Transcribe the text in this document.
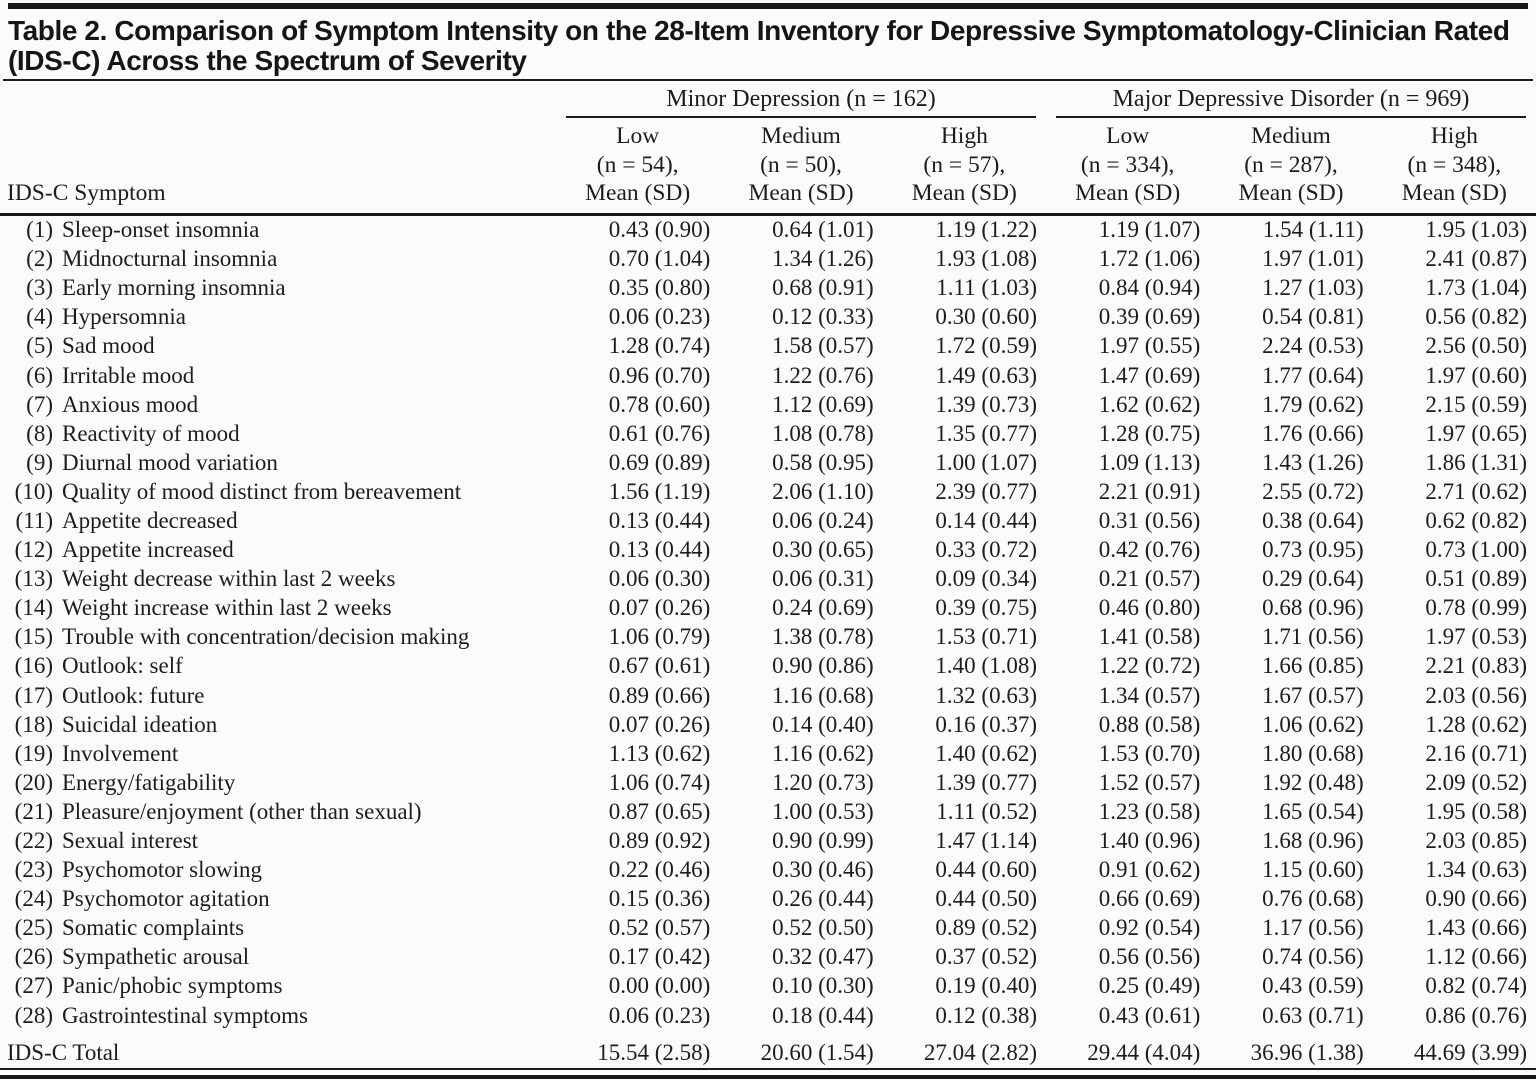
Table 2. Comparison of Symptom Intensity on the 28-Item Inventory for Depressive Symptomatology-Clinician Rated
(IDS-C) Across the Spectrum of Severity

	Minor Depression (n = 162)			Major Depressive Disorder (n = 969)		

IDS-C Symptom	
Low
(n = 54),
Mean (SD)

Medium
(n = 50),
Mean (SD)

High
(n = 57),
Mean (SD)

Low
(n = 334),
Mean (SD)

Medium
(n = 287),
Mean (SD)

High
(n = 348),
Mean (SD)

(1) Sleep-onset insomnia	0.43 (0.90)	0.64 (1.01)	1.19 (1.22)	1.19 (1.07)	1.54 (1.11)	1.95 (1.03)
(2) Midnocturnal insomnia	0.70 (1.04)	1.34 (1.26)	1.93 (1.08)	1.72 (1.06)	1.97 (1.01)	2.41 (0.87)
(3) Early morning insomnia	0.35 (0.80)	0.68 (0.91)	1.11 (1.03)	0.84 (0.94)	1.27 (1.03)	1.73 (1.04)
(4) Hypersomnia	0.06 (0.23)	0.12 (0.33)	0.30 (0.60)	0.39 (0.69)	0.54 (0.81)	0.56 (0.82)
(5) Sad mood	1.28 (0.74)	1.58 (0.57)	1.72 (0.59)	1.97 (0.55)	2.24 (0.53)	2.56 (0.50)
(6) Irritable mood	0.96 (0.70)	1.22 (0.76)	1.49 (0.63)	1.47 (0.69)	1.77 (0.64)	1.97 (0.60)
(7) Anxious mood	0.78 (0.60)	1.12 (0.69)	1.39 (0.73)	1.62 (0.62)	1.79 (0.62)	2.15 (0.59)
(8) Reactivity of mood	0.61 (0.76)	1.08 (0.78)	1.35 (0.77)	1.28 (0.75)	1.76 (0.66)	1.97 (0.65)
(9) Diurnal mood variation	0.69 (0.89)	0.58 (0.95)	1.00 (1.07)	1.09 (1.13)	1.43 (1.26)	1.86 (1.31)
(10) Quality of mood distinct from bereavement	1.56 (1.19)	2.06 (1.10)	2.39 (0.77)	2.21 (0.91)	2.55 (0.72)	2.71 (0.62)
(11) Appetite decreased	0.13 (0.44)	0.06 (0.24)	0.14 (0.44)	0.31 (0.56)	0.38 (0.64)	0.62 (0.82)
(12) Appetite increased	0.13 (0.44)	0.30 (0.65)	0.33 (0.72)	0.42 (0.76)	0.73 (0.95)	0.73 (1.00)
(13) Weight decrease within last 2 weeks	0.06 (0.30)	0.06 (0.31)	0.09 (0.34)	0.21 (0.57)	0.29 (0.64)	0.51 (0.89)
(14) Weight increase within last 2 weeks	0.07 (0.26)	0.24 (0.69)	0.39 (0.75)	0.46 (0.80)	0.68 (0.96)	0.78 (0.99)
(15) Trouble with concentration/decision making	1.06 (0.79)	1.38 (0.78)	1.53 (0.71)	1.41 (0.58)	1.71 (0.56)	1.97 (0.53)
(16) Outlook: self	0.67 (0.61)	0.90 (0.86)	1.40 (1.08)	1.22 (0.72)	1.66 (0.85)	2.21 (0.83)
(17) Outlook: future	0.89 (0.66)	1.16 (0.68)	1.32 (0.63)	1.34 (0.57)	1.67 (0.57)	2.03 (0.56)
(18) Suicidal ideation	0.07 (0.26)	0.14 (0.40)	0.16 (0.37)	0.88 (0.58)	1.06 (0.62)	1.28 (0.62)
(19) Involvement	1.13 (0.62)	1.16 (0.62)	1.40 (0.62)	1.53 (0.70)	1.80 (0.68)	2.16 (0.71)
(20) Energy/fatigability	1.06 (0.74)	1.20 (0.73)	1.39 (0.77)	1.52 (0.57)	1.92 (0.48)	2.09 (0.52)
(21) Pleasure/enjoyment (other than sexual)	0.87 (0.65)	1.00 (0.53)	1.11 (0.52)	1.23 (0.58)	1.65 (0.54)	1.95 (0.58)
(22) Sexual interest	0.89 (0.92)	0.90 (0.99)	1.47 (1.14)	1.40 (0.96)	1.68 (0.96)	2.03 (0.85)
(23) Psychomotor slowing	0.22 (0.46)	0.30 (0.46)	0.44 (0.60)	0.91 (0.62)	1.15 (0.60)	1.34 (0.63)
(24) Psychomotor agitation	0.15 (0.36)	0.26 (0.44)	0.44 (0.50)	0.66 (0.69)	0.76 (0.68)	0.90 (0.66)
(25) Somatic complaints	0.52 (0.57)	0.52 (0.50)	0.89 (0.52)	0.92 (0.54)	1.17 (0.56)	1.43 (0.66)
(26) Sympathetic arousal	0.17 (0.42)	0.32 (0.47)	0.37 (0.52)	0.56 (0.56)	0.74 (0.56)	1.12 (0.66)
(27) Panic/phobic symptoms	0.00 (0.00)	0.10 (0.30)	0.19 (0.40)	0.25 (0.49)	0.43 (0.59)	0.82 (0.74)
(28) Gastrointestinal symptoms	0.06 (0.23)	0.18 (0.44)	0.12 (0.38)	0.43 (0.61)	0.63 (0.71)	0.86 (0.76)
IDS-C Total	15.54 (2.58)	20.60 (1.54)	27.04 (2.82)	29.44 (4.04)	36.96 (1.38)	44.69 (3.99)
